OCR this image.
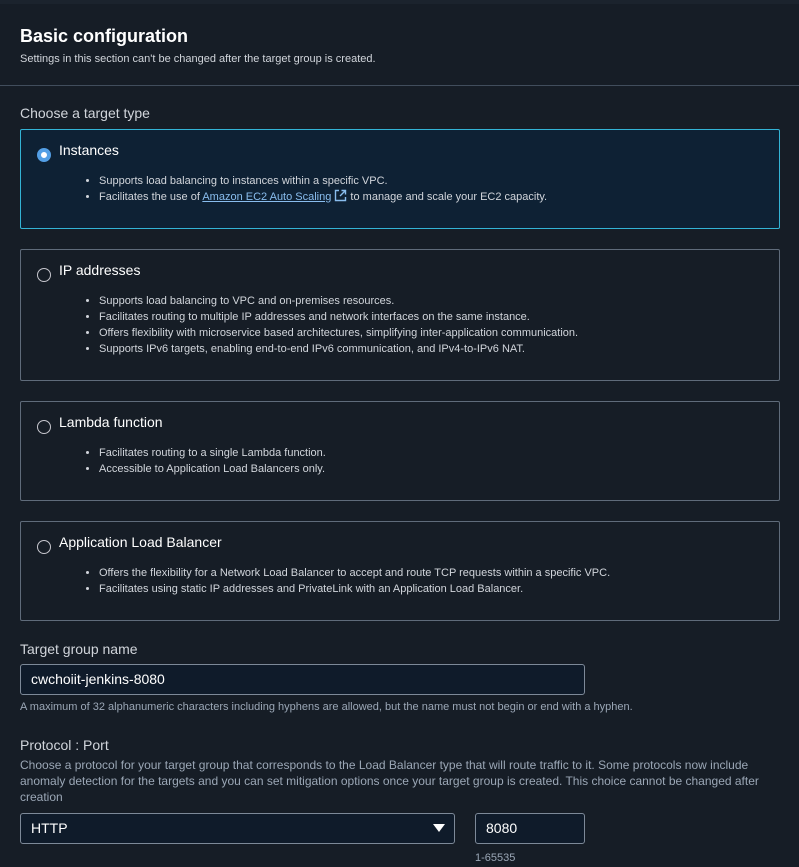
Basic configuration
Settings in this section can't be changed after the target group is created.
Choose a target type
Instances
• Supports load balancing to instances within a specific VPC.
• Facilitates the use of Amazon EC2 Auto Scaling to manage and scale your EC2 capacity.
IP addresses
• Supports load balancing to VPC and on-premises resources.
• Facilitates routing to multiple IP addresses and network interfaces on the same instance.
• Offers flexibility with microservice based architectures, simplifying inter-application communication.
• Supports IPv6 targets, enabling end-to-end IPv6 communication, and IPv4-to-IPv6 NAT.
Lambda function
• Facilitates routing to a single Lambda function.
• Accessible to Application Load Balancers only.
Application Load Balancer
• Offers the flexibility for a Network Load Balancer to accept and route TCP requests within a specific VPC.
• Facilitates using static IP addresses and PrivateLink with an Application Load Balancer.
Target group name
cwchoiit-jenkins-8080
A maximum of 32 alphanumeric characters including hyphens are allowed, but the name must not begin or end with a hyphen.
Protocol : Port
Choose a protocol for your target group that corresponds to the Load Balancer type that will route traffic to it. Some protocols now include anomaly detection for the targets and you can set mitigation options once your target group is created. This choice cannot be changed after creation
HTTP	8080
1-65535
